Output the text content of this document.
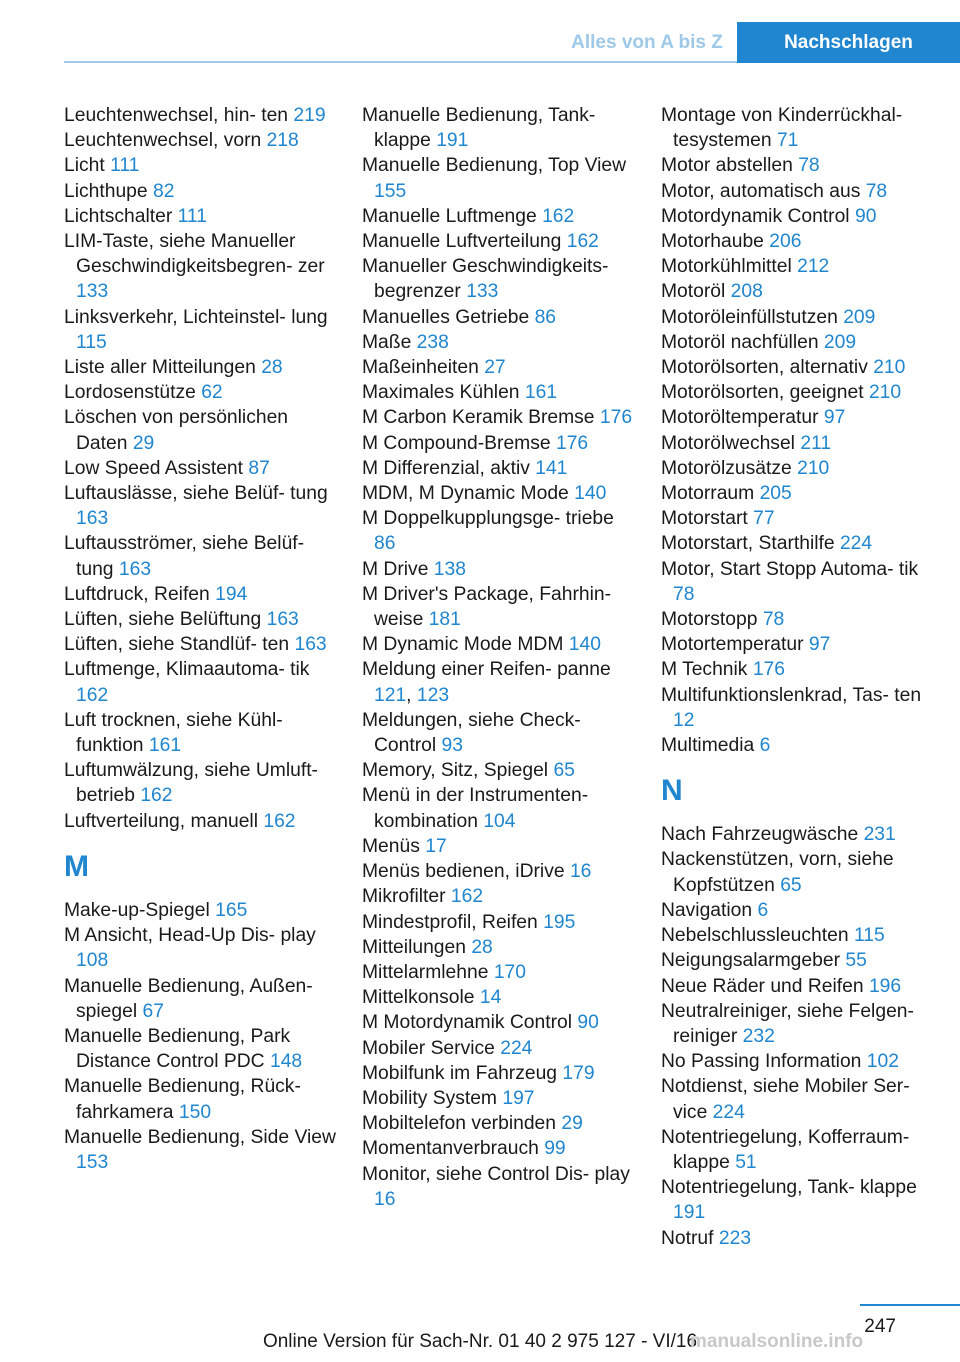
Alles von A bis Z	Nachschlagen
Leuchtenwechsel, hin‑ ten 219
Leuchtenwechsel, vorn 218
Licht 111
Lichthupe 82
Lichtschalter 111
LIM-Taste, siehe Manueller Geschwindigkeitsbegren‑ zer 133
Linksverkehr, Lichteinstel‑ lung 115
Liste aller Mitteilungen 28
Lordosenstütze 62
Löschen von persönlichen Daten 29
Low Speed Assistent 87
Luftauslässe, siehe Belüf‑ tung 163
Luftausströmer, siehe Belüf‑ tung 163
Luftdruck, Reifen 194
Lüften, siehe Belüftung 163
Lüften, siehe Standlüf‑ ten 163
Luftmenge, Klimaautoma‑ tik 162
Luft trocknen, siehe Kühl‑ funktion 161
Luftumwälzung, siehe Umluft‑ betrieb 162
Luftverteilung, manuell 162
M
Make-up-Spiegel 165
M Ansicht, Head-Up Dis‑ play 108
Manuelle Bedienung, Außen‑ spiegel 67
Manuelle Bedienung, Park Distance Control PDC 148
Manuelle Bedienung, Rück‑ fahrkamera 150
Manuelle Bedienung, Side View 153
Manuelle Bedienung, Tank‑ klappe 191
Manuelle Bedienung, Top View 155
Manuelle Luftmenge 162
Manuelle Luftverteilung 162
Manueller Geschwindigkeits‑ begrenzer 133
Manuelles Getriebe 86
Maße 238
Maßeinheiten 27
Maximales Kühlen 161
M Carbon Keramik Bremse 176
M Compound-Bremse 176
M Differenzial, aktiv 141
MDM, M Dynamic Mode 140
M Doppelkupplungsge‑ triebe 86
M Drive 138
M Driver's Package, Fahrhin‑ weise 181
M Dynamic Mode MDM 140
Meldung einer Reifen‑ panne 121, 123
Meldungen, siehe Check- Control 93
Memory, Sitz, Spiegel 65
Menü in der Instrumenten‑ kombination 104
Menüs 17
Menüs bedienen, iDrive 16
Mikrofilter 162
Mindestprofil, Reifen 195
Mitteilungen 28
Mittelarmlehne 170
Mittelkonsole 14
M Motordynamik Control 90
Mobiler Service 224
Mobilfunk im Fahrzeug 179
Mobility System 197
Mobiltelefon verbinden 29
Momentanverbrauch 99
Monitor, siehe Control Dis‑ play 16
Montage von Kinderrückhal‑ tesystemen 71
Motor abstellen 78
Motor, automatisch aus 78
Motordynamik Control 90
Motorhaube 206
Motorkühlmittel 212
Motoröl 208
Motoröleinfüllstutzen 209
Motoröl nachfüllen 209
Motorölsorten, alternativ 210
Motorölsorten, geeignet 210
Motoröltemperatur 97
Motorölwechsel 211
Motorölzusätze 210
Motorraum 205
Motorstart 77
Motorstart, Starthilfe 224
Motor, Start Stopp Automa‑ tik 78
Motorstopp 78
Motortemperatur 97
M Technik 176
Multifunktionslenkrad, Tas‑ ten 12
Multimedia 6
N
Nach Fahrzeugwäsche 231
Nackenstützen, vorn, siehe Kopfstützen 65
Navigation 6
Nebelschlussleuchten 115
Neigungsalarmgeber 55
Neue Räder und Reifen 196
Neutralreiniger, siehe Felgen‑ reiniger 232
No Passing Information 102
Notdienst, siehe Mobiler Ser‑ vice 224
Notentriegelung, Kofferraum‑ klappe 51
Notentriegelung, Tank‑ klappe 191
Notruf 223
247
Online Version für Sach-Nr. 01 40 2 975 127 - VI/16
manualsonline.info
